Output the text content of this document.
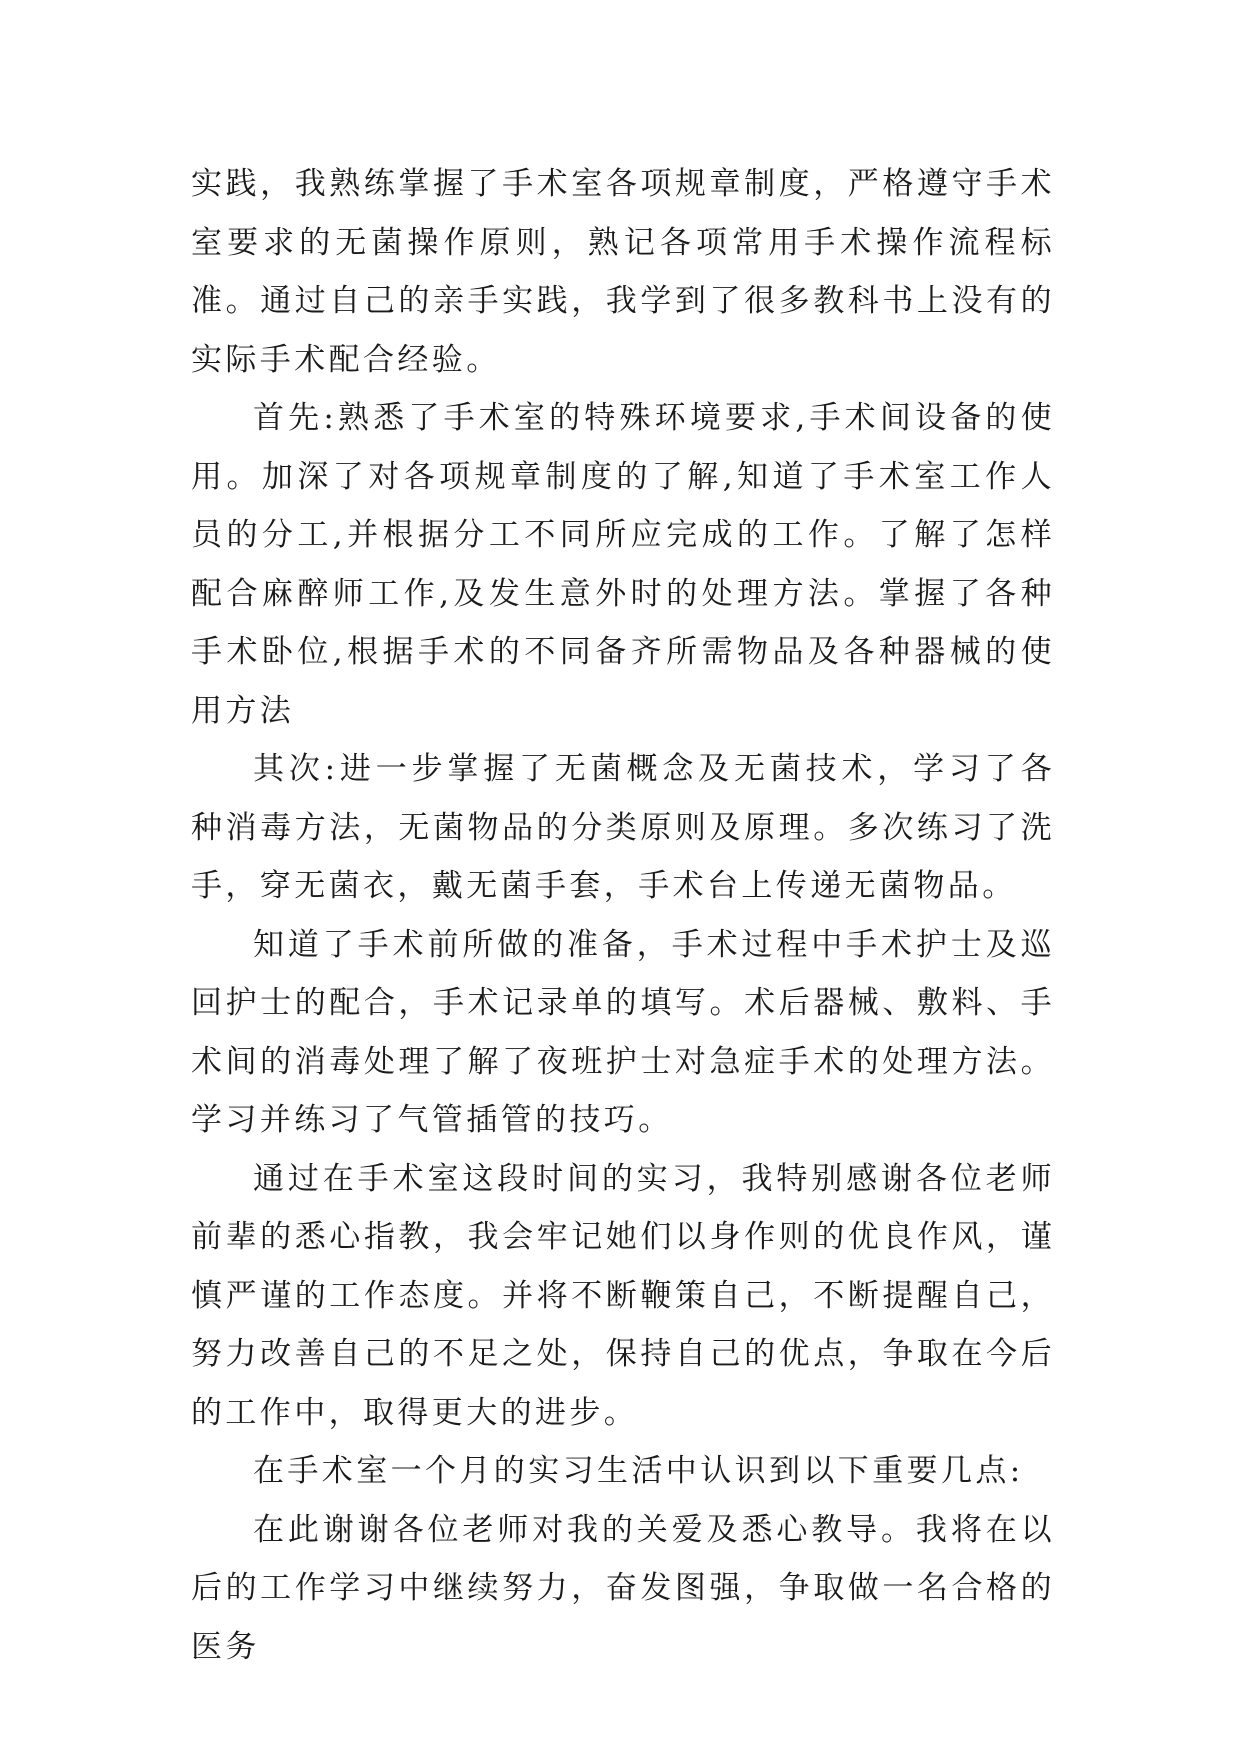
实践，我熟练掌握了手术室各项规章制度，严格遵守手术室要求的无菌操作原则，熟记各项常用手术操作流程标准。通过自己的亲手实践，我学到了很多教科书上没有的实际手术配合经验。

首先:熟悉了手术室的特殊环境要求,手术间设备的使用。加深了对各项规章制度的了解,知道了手术室工作人员的分工,并根据分工不同所应完成的工作。了解了怎样配合麻醉师工作,及发生意外时的处理方法。掌握了各种手术卧位,根据手术的不同备齐所需物品及各种器械的使用方法

其次:进一步掌握了无菌概念及无菌技术，学习了各种消毒方法，无菌物品的分类原则及原理。多次练习了洗手，穿无菌衣，戴无菌手套，手术台上传递无菌物品。

知道了手术前所做的准备，手术过程中手术护士及巡回护士的配合，手术记录单的填写。术后器械、敷料、手术间的消毒处理了解了夜班护士对急症手术的处理方法。学习并练习了气管插管的技巧。

通过在手术室这段时间的实习，我特别感谢各位老师前辈的悉心指教，我会牢记她们以身作则的优良作风，谨慎严谨的工作态度。并将不断鞭策自己，不断提醒自己，努力改善自己的不足之处，保持自己的优点，争取在今后的工作中，取得更大的进步。

在手术室一个月的实习生活中认识到以下重要几点:

在此谢谢各位老师对我的关爱及悉心教导。我将在以后的工作学习中继续努力，奋发图强，争取做一名合格的医务
